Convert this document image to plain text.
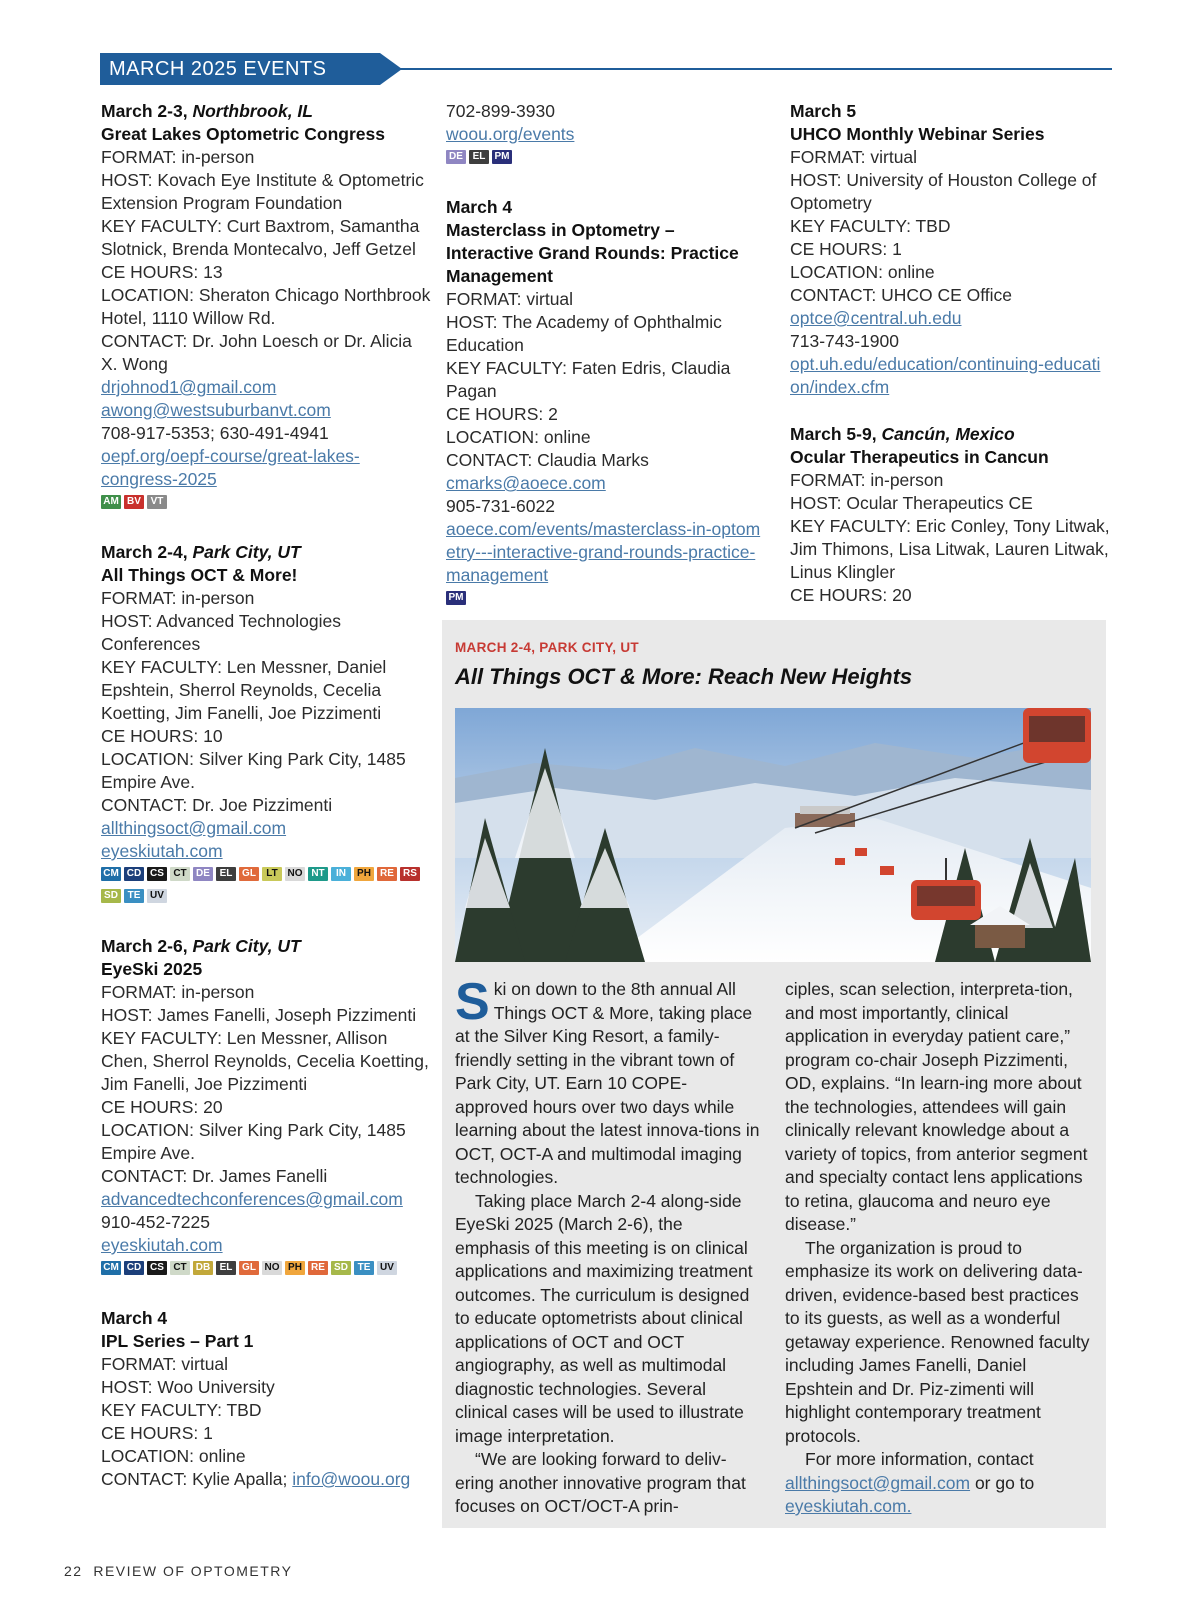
MARCH 2025 EVENTS
March 2-3, Northbrook, IL
Great Lakes Optometric Congress
FORMAT: in-person
HOST: Kovach Eye Institute & Optometric Extension Program Foundation
KEY FACULTY: Curt Baxtrom, Samantha Slotnick, Brenda Montecalvo, Jeff Getzel
CE HOURS: 13
LOCATION: Sheraton Chicago Northbrook Hotel, 1110 Willow Rd.
CONTACT: Dr. John Loesch or Dr. Alicia X. Wong
drjohnod1@gmail.com
awong@westsuburbanvt.com
708-917-5353; 630-491-4941
oepf.org/oepf-course/great-lakes-congress-2025
AM BV VT
March 2-4, Park City, UT
All Things OCT & More!
FORMAT: in-person
HOST: Advanced Technologies Conferences
KEY FACULTY: Len Messner, Daniel Epshtein, Sherrol Reynolds, Cecelia Koetting, Jim Fanelli, Joe Pizzimenti
CE HOURS: 10
LOCATION: Silver King Park City, 1485 Empire Ave.
CONTACT: Dr. Joe Pizzimenti
allthingsoct@gmail.com
eyeskiutah.com
CM CD CS CT DE EL GL LT NO NT IN PH RE RSSD TE UV
March 2-6, Park City, UT
EyeSki 2025
FORMAT: in-person
HOST: James Fanelli, Joseph Pizzimenti
KEY FACULTY: Len Messner, Allison Chen, Sherrol Reynolds, Cecelia Koetting, Jim Fanelli, Joe Pizzimenti
CE HOURS: 20
LOCATION: Silver King Park City, 1485 Empire Ave.
CONTACT: Dr. James Fanelli
advancedtechconferences@gmail.com
910-452-7225
eyeskiutah.com
CM CD CS CT DB EL GL NO PH RE SD TE UV
March 4
IPL Series – Part 1
FORMAT: virtual
HOST: Woo University
KEY FACULTY: TBD
CE HOURS: 1
LOCATION: online
CONTACT: Kylie Apalla; info@woou.org
702-899-3930
woou.org/events
DE EL PM
March 4
Masterclass in Optometry – Interactive Grand Rounds: Practice Management
FORMAT: virtual
HOST: The Academy of Ophthalmic Education
KEY FACULTY: Faten Edris, Claudia Pagan
CE HOURS: 2
LOCATION: online
CONTACT: Claudia Marks
cmarks@aoece.com
905-731-6022
aoece.com/events/masterclass-in-optometry---interactive-grand-rounds-practice-management
PM
March 5
UHCO Monthly Webinar Series
FORMAT: virtual
HOST: University of Houston College of Optometry
KEY FACULTY: TBD
CE HOURS: 1
LOCATION: online
CONTACT: UHCO CE Office
optce@central.uh.edu
713-743-1900
opt.uh.edu/education/continuing-education/index.cfm
March 5-9, Cancún, Mexico
Ocular Therapeutics in Cancun
FORMAT: in-person
HOST: Ocular Therapeutics CE
KEY FACULTY: Eric Conley, Tony Litwak, Jim Thimons, Lisa Litwak, Lauren Litwak, Linus Klingler
CE HOURS: 20
MARCH 2-4, PARK CITY, UT
All Things OCT & More: Reach New Heights

Ski on down to the 8th annual All Things OCT & More, taking place at the Silver King Resort, a family-friendly setting in the vibrant town of Park City, UT. Earn 10 COPE-approved hours over two days while learning about the latest innova-tions in OCT, OCT-A and multimodal imaging technologies.

Taking place March 2-4 along-side EyeSki 2025 (March 2-6), the emphasis of this meeting is on clinical applications and maximizing treatment outcomes. The curriculum is designed to educate optometrists about clinical applications of OCT and OCT angiography, as well as multimodal diagnostic technologies. Several clinical cases will be used to illustrate image interpretation.

“We are looking forward to deliv-ering another innovative program that focuses on OCT/OCT-A prin-

ciples, scan selection, interpreta-tion, and most importantly, clinical application in everyday patient care,” program co-chair Joseph Pizzimenti, OD, explains. “In learn-ing more about the technologies, attendees will gain clinically relevant knowledge about a variety of topics, from anterior segment and specialty contact lens applications to retina, glaucoma and neuro eye disease.”

The organization is proud to emphasize its work on delivering data-driven, evidence-based best practices to its guests, as well as a wonderful getaway experience. Renowned faculty including James Fanelli, Daniel Epshtein and Dr. Piz-zimenti will highlight contemporary treatment protocols.

For more information, contact allthingsoct@gmail.com or go to eyeskiutah.com.

22 REVIEW OF OPTOMETRY
